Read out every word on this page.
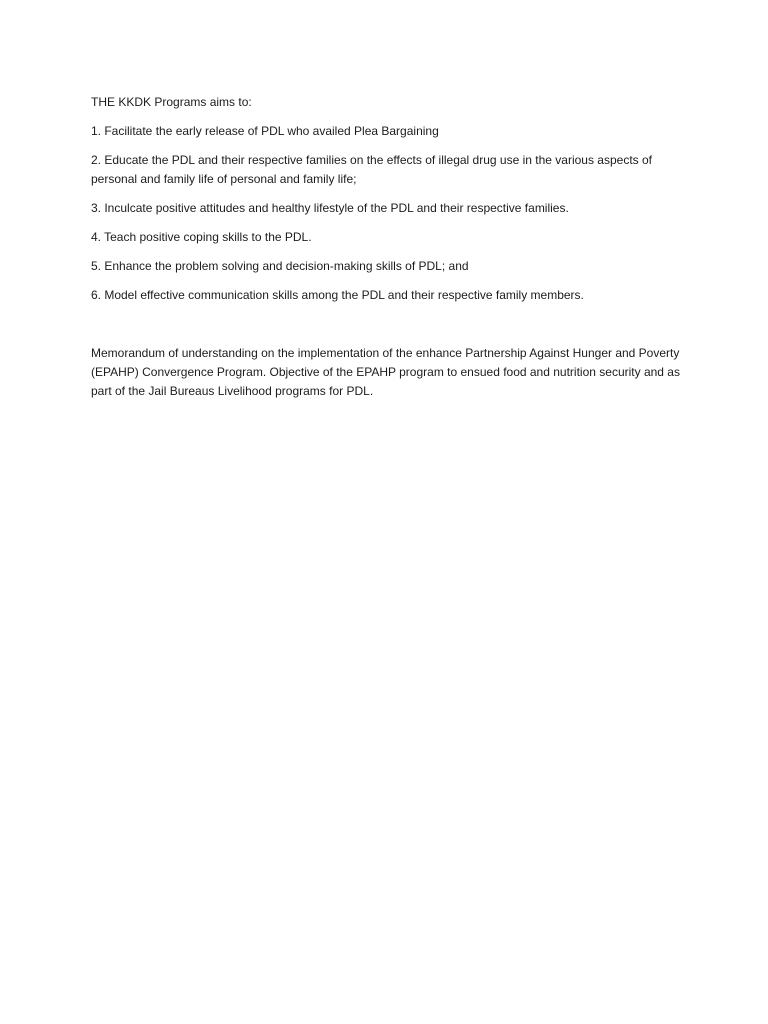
THE KKDK Programs aims to:

1. Facilitate the early release of PDL who availed Plea Bargaining

2. Educate the PDL and their respective families on the effects of illegal drug use in the various aspects of personal and family life of personal and family life;

3. Inculcate positive attitudes and healthy lifestyle of the PDL and their respective families.

4. Teach positive coping skills to the PDL.

5. Enhance the problem solving and decision-making skills of PDL; and

6. Model effective communication skills among the PDL and their respective family members.

Memorandum of understanding on the implementation of the enhance Partnership Against Hunger and Poverty (EPAHP) Convergence Program. Objective of the EPAHP program to ensued food and nutrition security and as part of the Jail Bureaus Livelihood programs for PDL.
